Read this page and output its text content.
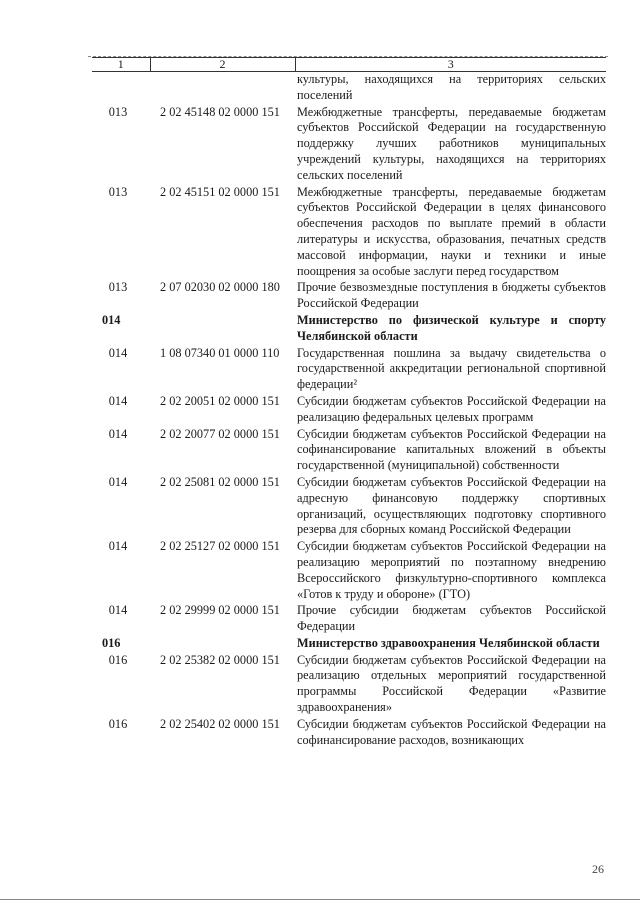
1	2	3
		культуры, находящихся на территориях сельских поселений
013	2 02 45148 02 0000 151	Межбюджетные трансферты, передаваемые бюджетам субъектов Российской Федерации на государственную поддержку лучших работников муниципальных учреждений культуры, находящихся на территориях сельских поселений
013	2 02 45151 02 0000 151	Межбюджетные трансферты, передаваемые бюджетам субъектов Российской Федерации в целях финансового обеспечения расходов по выплате премий в области литературы и искусства, образования, печатных средств массовой информации, науки и техники и иные поощрения за особые заслуги перед государством
013	2 07 02030 02 0000 180	Прочие безвозмездные поступления в бюджеты субъектов Российской Федерации
014		Министерство по физической культуре и спорту Челябинской области
014	1 08 07340 01 0000 110	Государственная пошлина за выдачу свидетельства о государственной аккредитации региональной спортивной федерации²
014	2 02 20051 02 0000 151	Субсидии бюджетам субъектов Российской Федерации на реализацию федеральных целевых программ
014	2 02 20077 02 0000 151	Субсидии бюджетам субъектов Российской Федерации на софинансирование капитальных вложений в объекты государственной (муниципальной) собственности
014	2 02 25081 02 0000 151	Субсидии бюджетам субъектов Российской Федерации на адресную финансовую поддержку спортивных организаций, осуществляющих подготовку спортивного резерва для сборных команд Российской Федерации
014	2 02 25127 02 0000 151	Субсидии бюджетам субъектов Российской Федерации на реализацию мероприятий по поэтапному внедрению Всероссийского физкультурно-спортивного комплекса «Готов к труду и обороне» (ГТО)
014	2 02 29999 02 0000 151	Прочие субсидии бюджетам субъектов Российской Федерации
016		Министерство здравоохранения Челябинской области
016	2 02 25382 02 0000 151	Субсидии бюджетам субъектов Российской Федерации на реализацию отдельных мероприятий государственной программы Российской Федерации «Развитие здравоохранения»
016	2 02 25402 02 0000 151	Субсидии бюджетам субъектов Российской Федерации на софинансирование расходов, возникающих
26
